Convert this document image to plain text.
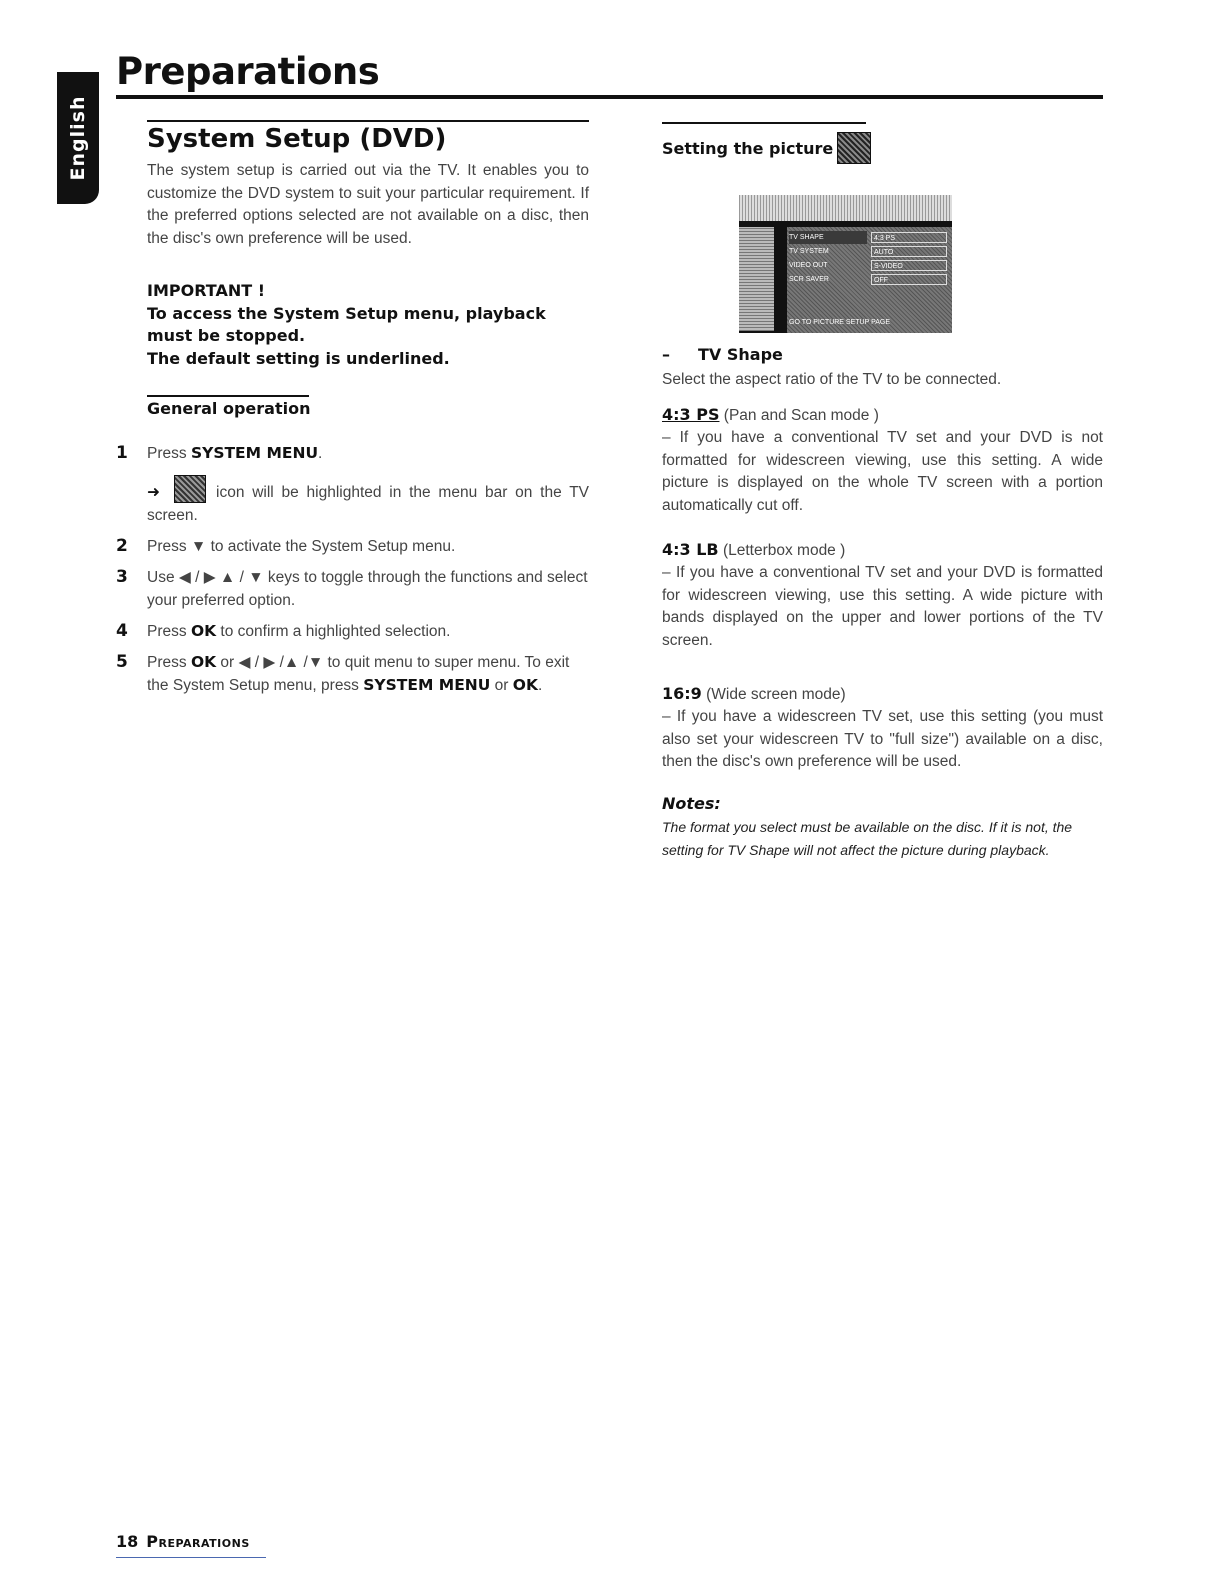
English
Preparations
System Setup (DVD)

The system setup is carried out via the TV. It enables you to customize the DVD system to suit your particular requirement. If the preferred options selected are not available on a disc, then the disc's own preference will be used.

IMPORTANT !
To access the System Setup menu, playback must be stopped.
The default setting is underlined.
General operation
1 Press SYSTEM MENU.

➜	icon will be highlighted in the menu bar on the TV screen.

2 Press ▼ to activate the System Setup menu.
3 Use ◀ / ▶ ▲ / ▼ keys to toggle through the functions and select your preferred option.
4 Press OK to confirm a highlighted selection.
5 Press OK or ◀ / ▶ /▲ /▼ to quit menu to super menu. To exit the System Setup menu, press SYSTEM MENU or OK.
Setting the picture
TV SHAPE
TV SYSTEM
VIDEO OUT
SCR SAVER
4:3 PS
AUTO
S-VIDEO
OFF
GO TO PICTURE SETUP PAGE
– TV Shape

Select the aspect ratio of the TV to be connected.

4:3 PS (Pan and Scan mode )

– If you have a conventional TV set and your DVD is not formatted for widescreen viewing, use this setting. A wide picture is displayed on the whole TV screen with a portion automatically cut off.

4:3 LB (Letterbox mode )

– If you have a conventional TV set and your DVD is formatted for widescreen viewing, use this setting. A wide picture with bands displayed on the upper and lower portions of the TV screen.

16:9 (Wide screen mode)

– If you have a widescreen TV set, use this setting (you must also set your widescreen TV to "full size") available on a disc, then the disc's own preference will be used.

Notes:
The format you select must be available on the disc. If it is not, the setting for TV Shape will not affect the picture during playback.
18 Preparations
